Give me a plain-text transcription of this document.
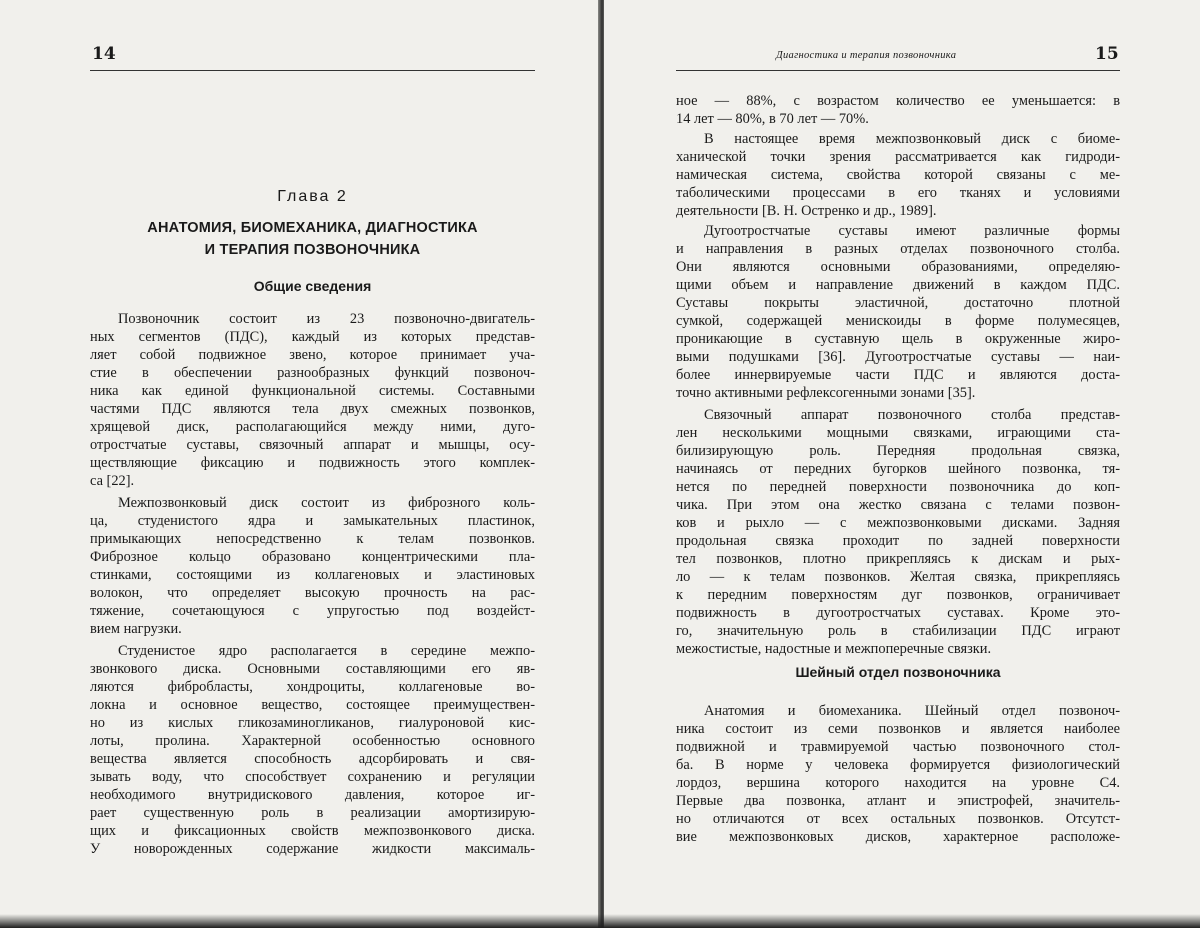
14
Глава 2
АНАТОМИЯ, БИОМЕХАНИКА, ДИАГНОСТИКА
И ТЕРАПИЯ ПОЗВОНОЧНИКА
Общие сведения
Позвоночник состоит из 23 позвоночно-двигатель-
ных сегментов (ПДС), каждый из которых представ-
ляет собой подвижное звено, которое принимает уча-
стие в обеспечении разнообразных функций позвоноч-
ника как единой функциональной системы. Составными
частями ПДС являются тела двух смежных позвонков,
хрящевой диск, располагающийся между ними, дуго-
отростчатые суставы, связочный аппарат и мышцы, осу-
ществляющие фиксацию и подвижность этого комплек-
са [22].
Межпозвонковый диск состоит из фиброзного коль-
ца, студенистого ядра и замыкательных пластинок,
примыкающих непосредственно к телам позвонков.
Фиброзное кольцо образовано концентрическими пла-
стинками, состоящими из коллагеновых и эластиновых
волокон, что определяет высокую прочность на рас-
тяжение, сочетающуюся с упругостью под воздейст-
вием нагрузки.
Студенистое ядро располагается в середине межпо-
звонкового диска. Основными составляющими его яв-
ляются фибробласты, хондроциты, коллагеновые во-
локна и основное вещество, состоящее преимуществен-
но из кислых гликозаминогликанов, гиалуроновой кис-
лоты, пролина. Характерной особенностью основного
вещества является способность адсорбировать и свя-
зывать воду, что способствует сохранению и регуляции
необходимого внутридискового давления, которое иг-
рает существенную роль в реализации амортизирую-
щих и фиксационных свойств межпозвонкового диска.
У новорожденных содержание жидкости максималь-
Диагностика и терапия позвоночника	15
ное — 88%, с возрастом количество ее уменьшается: в
14 лет — 80%, в 70 лет — 70%.
В настоящее время межпозвонковый диск с биоме-
ханической точки зрения рассматривается как гидроди-
намическая система, свойства которой связаны с ме-
таболическими процессами в его тканях и условиями
деятельности [В. Н. Остренко и др., 1989].
Дугоотростчатые суставы имеют различные формы
и направления в разных отделах позвоночного столба.
Они являются основными образованиями, определяю-
щими объем и направление движений в каждом ПДС.
Суставы покрыты эластичной, достаточно плотной
сумкой, содержащей менискоиды в форме полумесяцев,
проникающие в суставную щель в окруженные жиро-
выми подушками [36]. Дугоотростчатые суставы — наи-
более иннервируемые части ПДС и являются доста-
точно активными рефлексогенными зонами [35].
Связочный аппарат позвоночного столба представ-
лен несколькими мощными связками, играющими ста-
билизирующую роль. Передняя продольная связка,
начинаясь от передних бугорков шейного позвонка, тя-
нется по передней поверхности позвоночника до коп-
чика. При этом она жестко связана с телами позвон-
ков и рыхло — с межпозвонковыми дисками. Задняя
продольная связка проходит по задней поверхности
тел позвонков, плотно прикрепляясь к дискам и рых-
ло — к телам позвонков. Желтая связка, прикрепляясь
к передним поверхностям дуг позвонков, ограничивает
подвижность в дугоотростчатых суставах. Кроме это-
го, значительную роль в стабилизации ПДС играют
межостистые, надостные и межпоперечные связки.
Шейный отдел позвоночника
Анатомия и биомеханика. Шейный отдел позвоноч-
ника состоит из семи позвонков и является наиболее
подвижной и травмируемой частью позвоночного стол-
ба. В норме у человека формируется физиологический
лордоз, вершина которого находится на уровне C4.
Первые два позвонка, атлант и эпистрофей, значитель-
но отличаются от всех остальных позвонков. Отсутст-
вие межпозвонковых дисков, характерное расположе-
